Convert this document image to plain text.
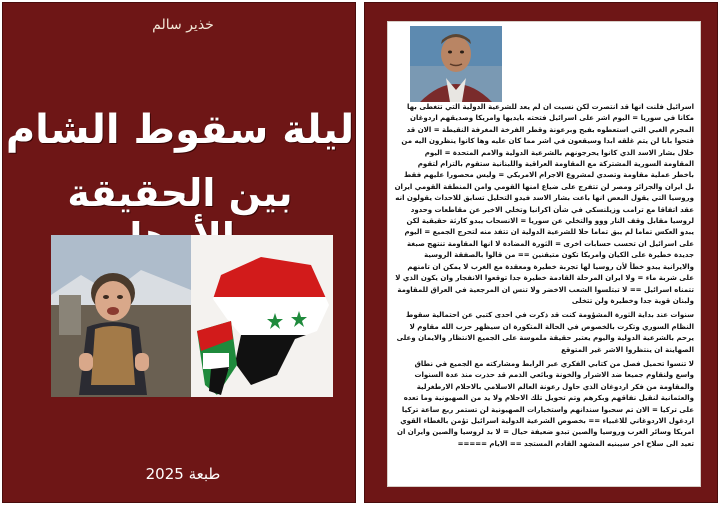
خذير سالم
ليلة سقوط الشام
بين الحقيقة
طبعة 2025

اسرائيل فلنت انها قد انتصرت لكن نسيت ان لم يعد للشرعية الدولية التي تتغطى بها مكانا في سوريا = اليوم اشر على اسرائيل فتحته بايديها وامريكا وصديقهم اردوغان المجرم الغبي التي استعطوه بفيح وبرعونة وقطر الفرخة المغرفة النقيطة = الان قد فتحوا بابا لن يتم غلقه ابدا وسيقعون في اشر مما كان عليه وها كانوا ينظرون اليه من خلال بشار الاسد الذي كانوا يحرجونهم بالشرعية الدولية والامم المتحدة = اليوم المقاومة السورية المشتركة مع المقاومة العراقية واللبنانية ستقوم بالتزام لتقوم باخطر عملية مقاومة وتصدي لمشروع الاجرام الامريكي = وليس محصورا عليهم فقط بل ايران والجزائر ومصر لن تتفرج على ضياع امنها القومي وامن المنطقة القومي ايران وروسيا التي يقول البعض انها باعت بشار الاسد فيدو التحليل تسابق للاحداث يقولون انه عقد اتفاقا مع ترامب وزيلنسكي في شأن اكرانيا وتخلي الاخير عن مقاطعات وحدود لروسيا مقابل وقف النار ووو والتخلي عن سوريا = الانسحاب يبدو كارثة حقيقية لكن يبدو العكس تماما لم يبق تماما حلا للشرعية الدولية ان تتفذ منه لتحرج الجميع = اليوم على اسرائيل ان تحسب حسابات اخرى = الثورة المضادة لا انها المقاومة تنتهج صبغة جديدة خطيرة على الكيان وامريكا تكون متيقنين == من قالوا بالصفقة الروسية والايرانية يبدو خطأ لأن روسيا لها تجربة خطيرة ومعقدة مع الغرب لا يمكن ان تامنهم على شربة ماء = ولا ايران المرحلة القادمة خطيرة جدا توقعوا الانفجار وان يكون الذي لا تتمناه اسرائيل == لا تبتلسوا الشعب الاخضر ولا تنس ان المرجعية في العراق للمقاومة ولبنان قوية جدا وخطيرة ولن تتخلى

سنوات عند بداية الثورة المشؤومة كنت قد ذكرت في احدى كتبي عن احتمالية سقوط النظام السوري وتكرت بالخصوص في الحالة المتكورة ان سيظهر حزب الله مقاوم لا يرحم بالشرعية الدولية واليوم يعتبر حقيقة ملموسة على الجميع الانتظار والايمان وعلى الصهاينة ان ينتظروا الاشر غير المتوقع

لا تنسوا تحميل فصل من كتابي الفكري عبر الرابط ومشاركته مع الجميع في نطاق واسع ولنقاوم جميعا ضد الاشرار والخونة وبائعي الذمم قد حذرت منذ عدة السنوات والمقاومة من فكر اردوغان الذي حاول رعونة العالم الاسلامي بالاحلام الارطغرلية والعثمانية لنقيل نفاقهم وبكرهم وتم تحويل تلك الاحلام ولا يد من الصهيونية وما تعده على تركيا = الان تم سحبوا سندانهم واستخبارات الصهيونية لن تستمر ربع ساعة تركيا اردغول الاردوغاني للاغبياء == بخصوص الشرعية الدولية اسرائيل تؤمن بالغطاء القوي امريكا وسائر الغرب وروسيا والصين تبدو ضعيفة حيال = لا بد لروسيا والصين وايران ان تعيد الى سلاح اخر سيبنيه المشهد القادم المستجد == الايام =====
